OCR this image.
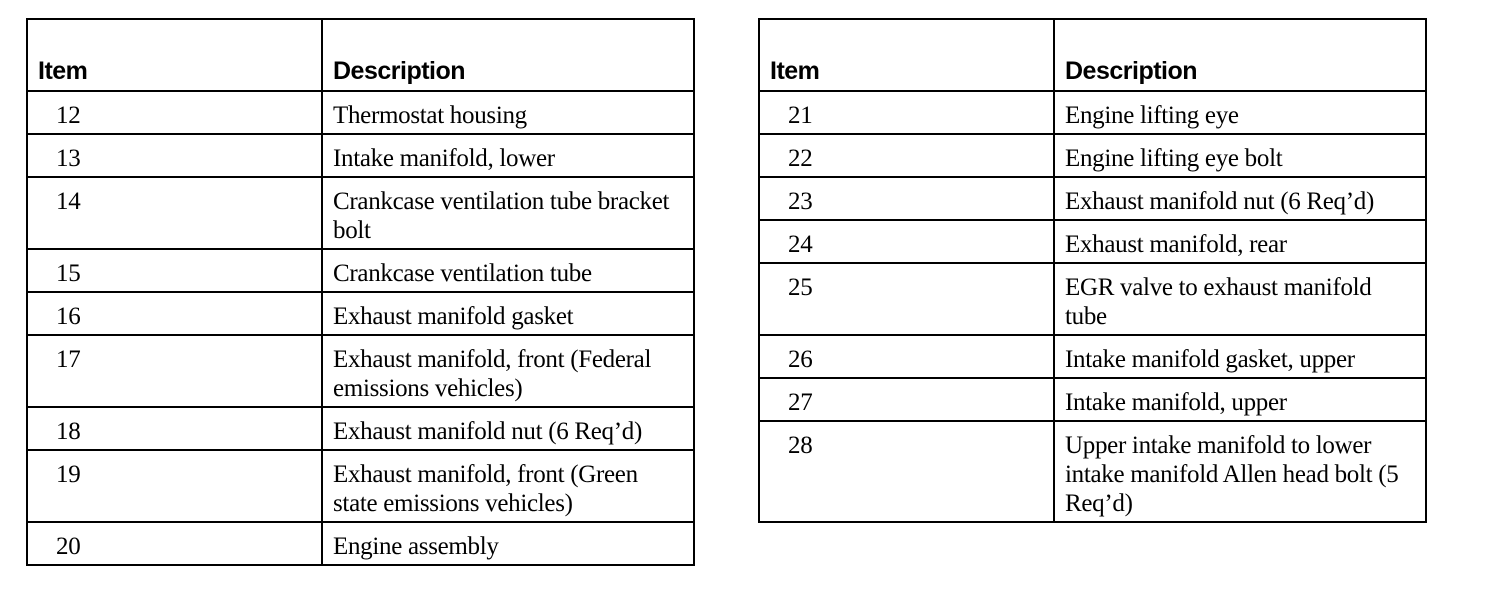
Item	Description
12	Thermostat housing
13	Intake manifold, lower
14	Crankcase ventilation tube bracket bolt
15	Crankcase ventilation tube
16	Exhaust manifold gasket
17	Exhaust manifold, front (Federal emissions vehicles)
18	Exhaust manifold nut (6 Req’d)
19	Exhaust manifold, front (Green state emissions vehicles)
20	Engine assembly
Item	Description
21	Engine lifting eye
22	Engine lifting eye bolt
23	Exhaust manifold nut (6 Req’d)
24	Exhaust manifold, rear
25	EGR valve to exhaust manifold tube
26	Intake manifold gasket, upper
27	Intake manifold, upper
28	Upper intake manifold to lower intake manifold Allen head bolt (5 Req’d)
